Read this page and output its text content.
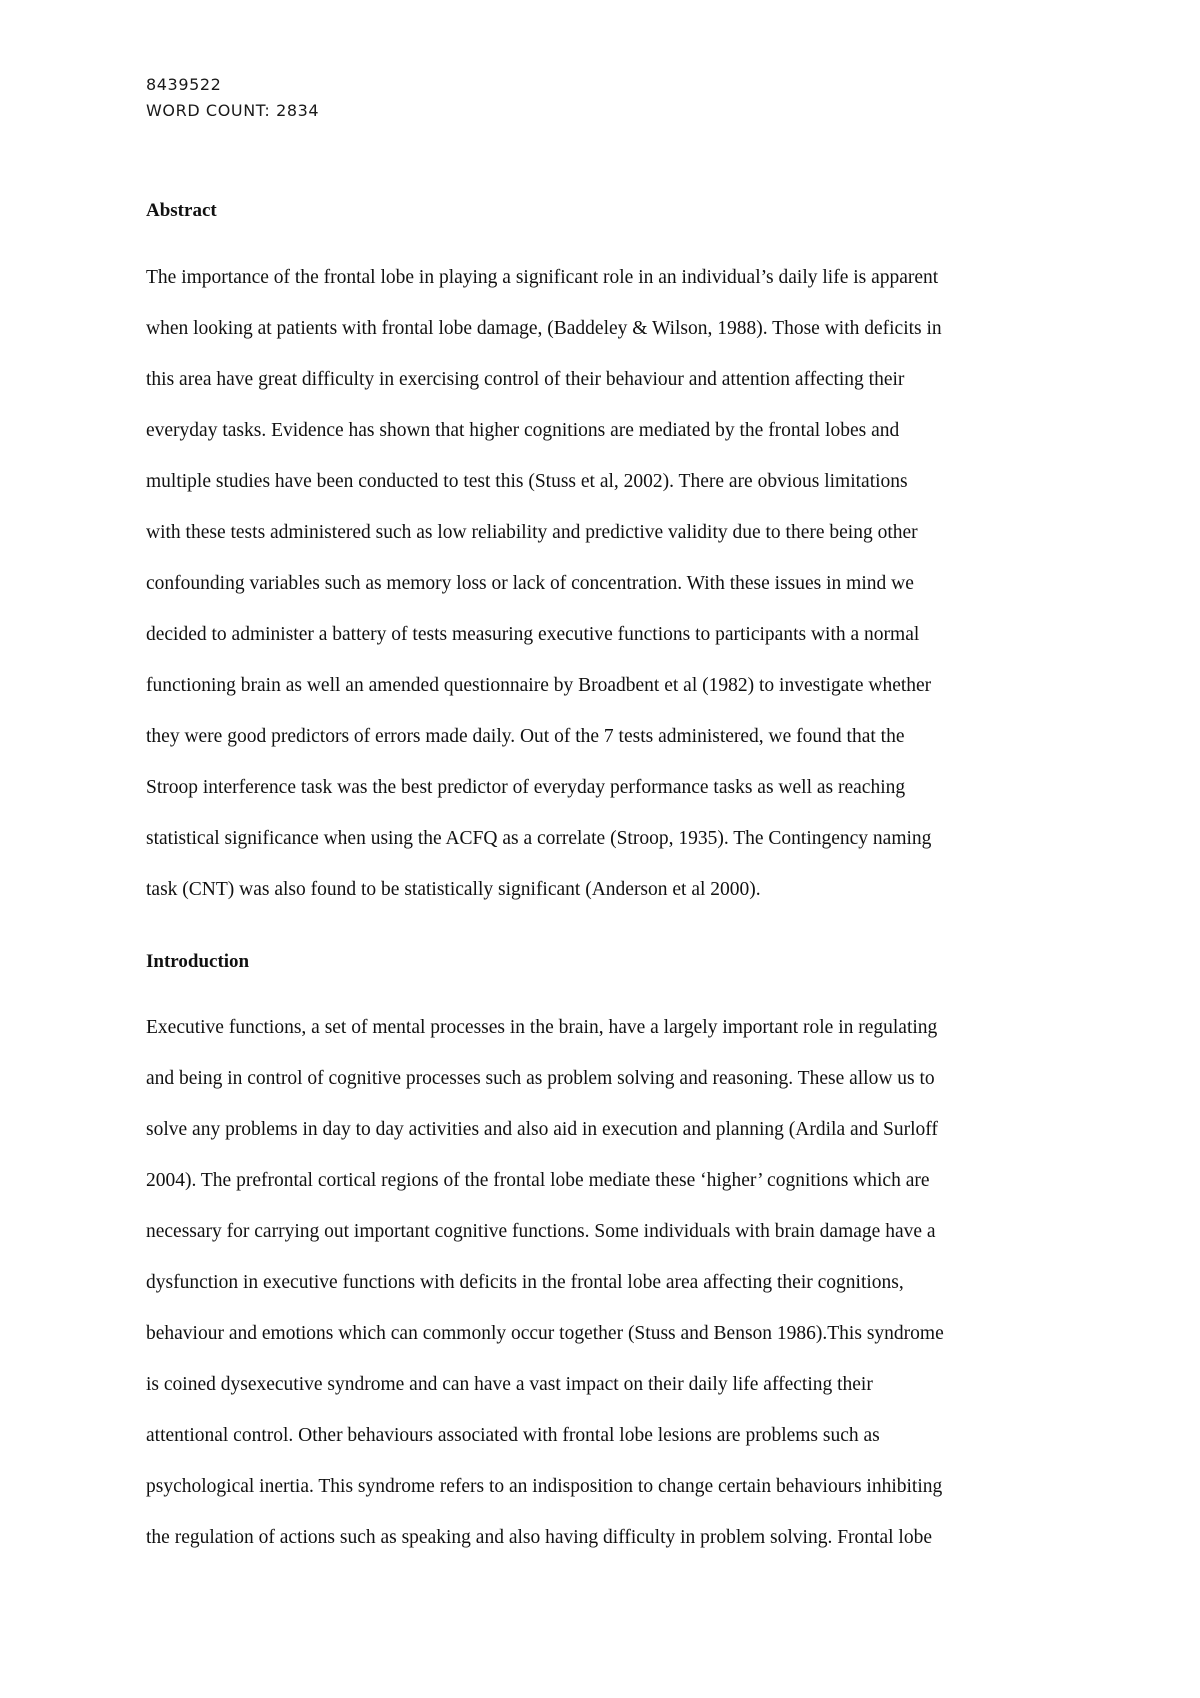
8439522
WORD COUNT: 2834
Abstract
The importance of the frontal lobe in playing a significant role in an individual’s daily life is apparent
when looking at patients with frontal lobe damage, (Baddeley & Wilson, 1988). Those with deficits in
this area have great difficulty in exercising control of their behaviour and attention affecting their
everyday tasks. Evidence has shown that higher cognitions are mediated by the frontal lobes and
multiple studies have been conducted to test this (Stuss et al, 2002). There are obvious limitations
with these tests administered such as low reliability and predictive validity due to there being other
confounding variables such as memory loss or lack of concentration. With these issues in mind we
decided to administer a battery of tests measuring executive functions to participants with a normal
functioning brain as well an amended questionnaire by Broadbent et al (1982) to investigate whether
they were good predictors of errors made daily. Out of the 7 tests administered, we found that the
Stroop interference task was the best predictor of everyday performance tasks as well as reaching
statistical significance when using the ACFQ as a correlate (Stroop, 1935). The Contingency naming
task (CNT) was also found to be statistically significant (Anderson et al 2000).
Introduction
Executive functions, a set of mental processes in the brain, have a largely important role in regulating
and being in control of cognitive processes such as problem solving and reasoning. These allow us to
solve any problems in day to day activities and also aid in execution and planning (Ardila and Surloff
2004). The prefrontal cortical regions of the frontal lobe mediate these ‘higher’ cognitions which are
necessary for carrying out important cognitive functions. Some individuals with brain damage have a
dysfunction in executive functions with deficits in the frontal lobe area affecting their cognitions,
behaviour and emotions which can commonly occur together (Stuss and Benson 1986).This syndrome
is coined dysexecutive syndrome and can have a vast impact on their daily life affecting their
attentional control. Other behaviours associated with frontal lobe lesions are problems such as
psychological inertia. This syndrome refers to an indisposition to change certain behaviours inhibiting
the regulation of actions such as speaking and also having difficulty in problem solving. Frontal lobe
